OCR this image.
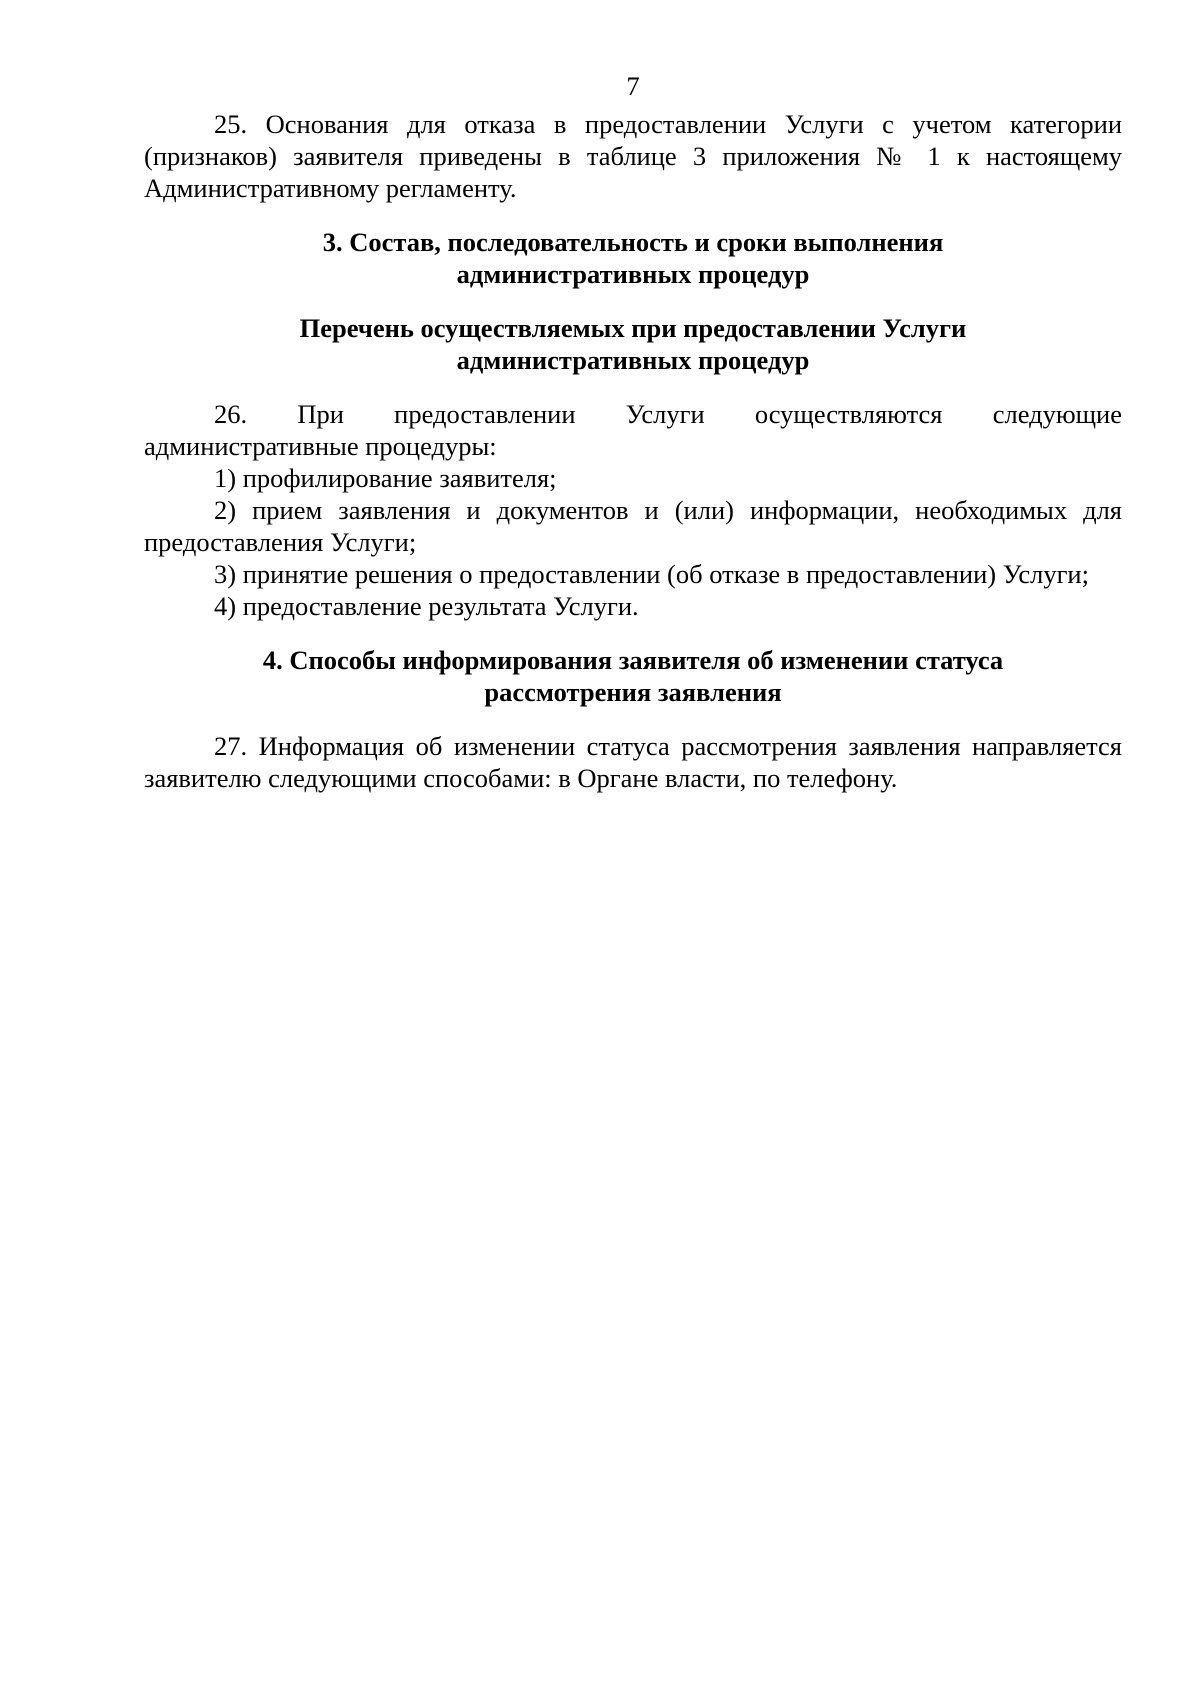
7

25. Основания для отказа в предоставлении Услуги с учетом категории (признаков) заявителя приведены в таблице 3 приложения № 1 к настоящему Административному регламенту.

3. Состав, последовательность и сроки выполнения
административных процедур
Перечень осуществляемых при предоставлении Услуги
административных процедур

26. При предоставлении Услуги осуществляются следующие административные процедуры:

1) профилирование заявителя;

2) прием заявления и документов и (или) информации, необходимых для предоставления Услуги;

3) принятие решения о предоставлении (об отказе в предоставлении) Услуги;

4) предоставление результата Услуги.

4. Способы информирования заявителя об изменении статуса
рассмотрения заявления

27. Информация об изменении статуса рассмотрения заявления направляется заявителю следующими способами: в Органе власти, по телефону.
